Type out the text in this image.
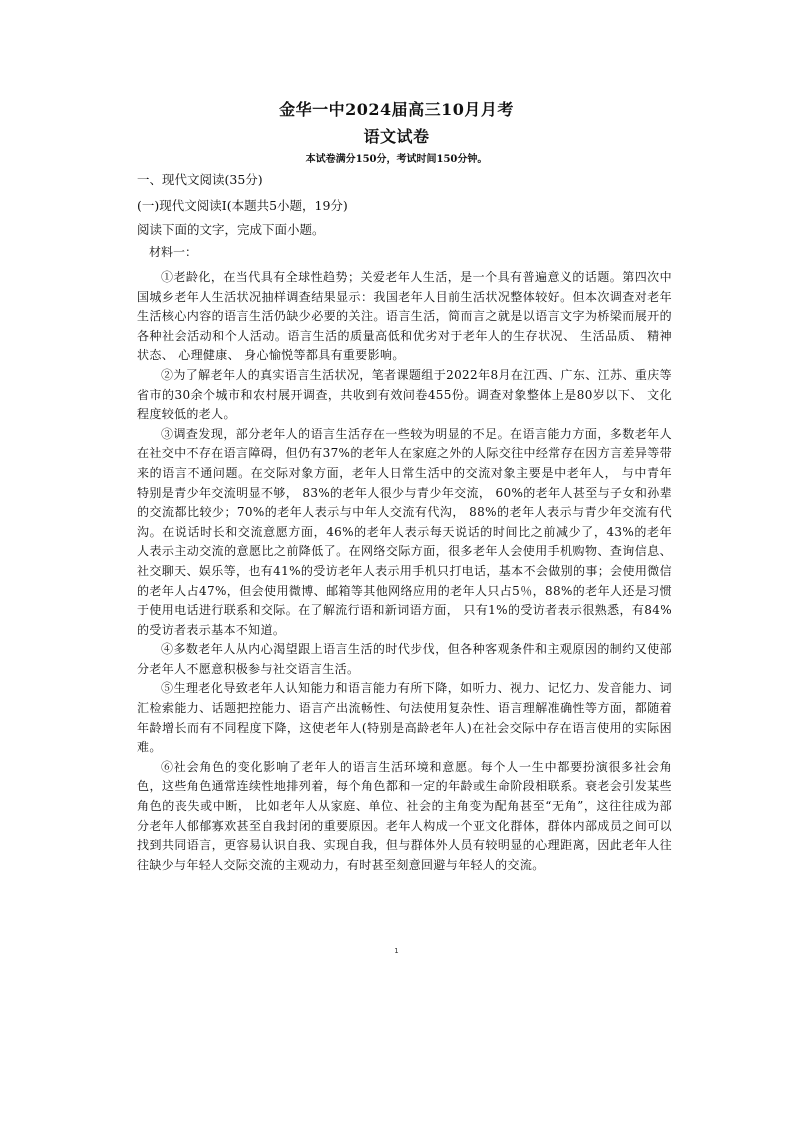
金华一中2024届高三10月月考
语文试卷
本试卷满分150分，考试时间150分钟。
一、现代文阅读(35分)
(一)现代文阅读Ⅰ(本题共5小题，19分)
阅读下面的文字，完成下面小题。
材料一：

①老龄化，在当代具有全球性趋势；关爱老年人生活，是一个具有普遍意义的话题。第四次中国城乡老年人生活状况抽样调查结果显示：我国老年人目前生活状况整体较好。但本次调查对老年生活核心内容的语言生活仍缺少必要的关注。语言生活，简而言之就是以语言文字为桥梁而展开的各种社会活动和个人活动。语言生活的质量高低和优劣对于老年人的生存状况、 生活品质、 精神状态、 心理健康、 身心愉悦等都具有重要影响。

②为了解老年人的真实语言生活状况，笔者课题组于2022年8月在江西、广东、江苏、重庆等省市的30余个城市和农村展开调查，共收到有效问卷455份。调查对象整体上是80岁以下、 文化程度较低的老人。

③调查发现，部分老年人的语言生活存在一些较为明显的不足。在语言能力方面，多数老年人在社交中不存在语言障碍，但仍有37%的老年人在家庭之外的人际交往中经常存在因方言差异等带来的语言不通问题。在交际对象方面，老年人日常生活中的交流对象主要是中老年人， 与中青年特别是青少年交流明显不够， 83%的老年人很少与青少年交流， 60%的老年人甚至与子女和孙辈的交流都比较少；70%的老年人表示与中年人交流有代沟， 88%的老年人表示与青少年交流有代沟。在说话时长和交流意愿方面，46%的老年人表示每天说话的时间比之前减少了，43%的老年人表示主动交流的意愿比之前降低了。在网络交际方面，很多老年人会使用手机购物、查询信息、社交聊天、娱乐等，也有41%的受访老年人表示用手机只打电话，基本不会做别的事；会使用微信的老年人占47%，但会使用微博、邮箱等其他网络应用的老年人只占5％，88%的老年人还是习惯于使用电话进行联系和交际。在了解流行语和新词语方面， 只有1%的受访者表示很熟悉，有84%的受访者表示基本不知道。

④多数老年人从内心渴望跟上语言生活的时代步伐，但各种客观条件和主观原因的制约又使部分老年人不愿意积极参与社交语言生活。

⑤生理老化导致老年人认知能力和语言能力有所下降，如听力、视力、记忆力、发音能力、词汇检索能力、话题把控能力、语言产出流畅性、句法使用复杂性、语言理解准确性等方面，都随着年龄增长而有不同程度下降，这使老年人(特别是高龄老年人)在社会交际中存在语言使用的实际困难。

⑥社会角色的变化影响了老年人的语言生活环境和意愿。每个人一生中都要扮演很多社会角色，这些角色通常连续性地排列着，每个角色都和一定的年龄或生命阶段相联系。衰老会引发某些角色的丧失或中断， 比如老年人从家庭、单位、社会的主角变为配角甚至“无角”，这往往成为部分老年人郁郁寡欢甚至自我封闭的重要原因。老年人构成一个亚文化群体，群体内部成员之间可以找到共同语言，更容易认识自我、实现自我，但与群体外人员有较明显的心理距离，因此老年人往往缺少与年轻人交际交流的主观动力，有时甚至刻意回避与年轻人的交流。

1
